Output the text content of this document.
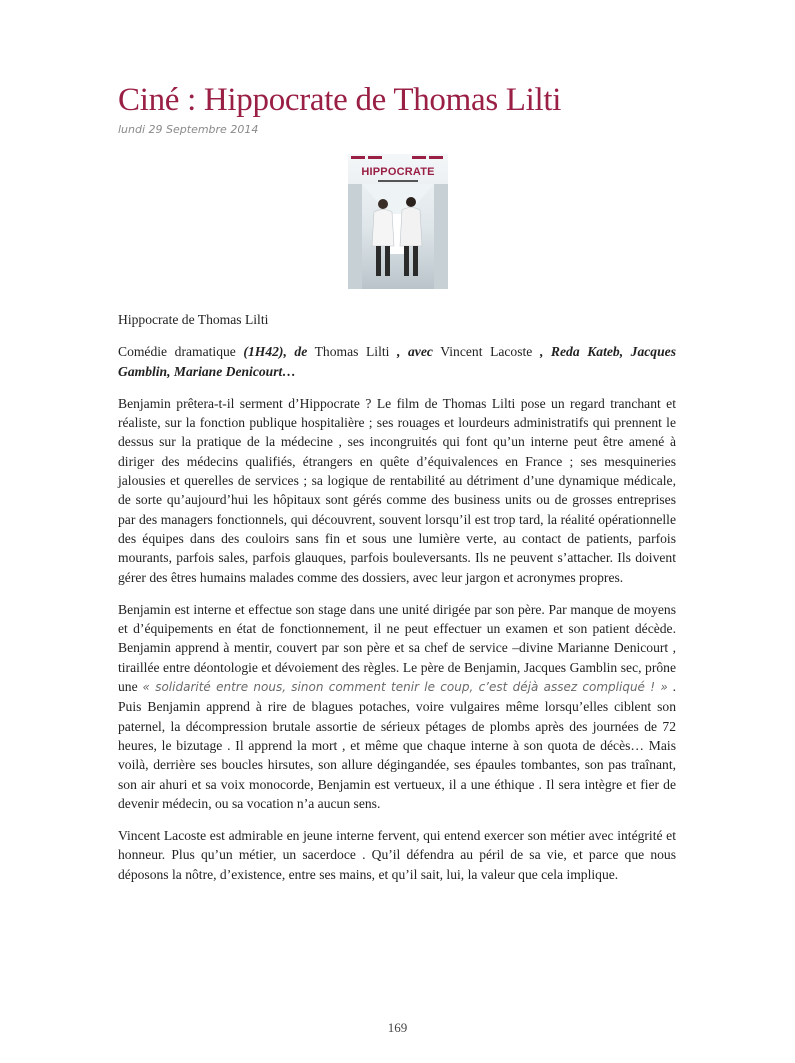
Ciné : Hippocrate de Thomas Lilti
lundi 29 Septembre 2014
HIPPOCRATE

Hippocrate de Thomas Lilti

Comédie dramatique (1H42), de Thomas Lilti , avec Vincent Lacoste , Reda Kateb, Jacques Gamblin, Mariane Denicourt…

Benjamin prêtera-t-il serment d’Hippocrate ? Le film de Thomas Lilti pose un regard tranchant et réaliste, sur la fonction publique hospitalière ; ses rouages et lourdeurs administratifs qui prennent le dessus sur la pratique de la médecine , ses incongruités qui font qu’un interne peut être amené à diriger des médecins qualifiés, étrangers en quête d’équivalences en France ; ses mesquineries jalousies et querelles de services ; sa logique de rentabilité au détriment d’une dynamique médicale, de sorte qu’aujourd’hui les hôpitaux sont gérés comme des business units ou de grosses entreprises par des managers fonctionnels, qui découvrent, souvent lorsqu’il est trop tard, la réalité opérationnelle des équipes dans des couloirs sans fin et sous une lumière verte, au contact de patients, parfois mourants, parfois sales, parfois glauques, parfois bouleversants. Ils ne peuvent s’attacher. Ils doivent gérer des êtres humains malades comme des dossiers, avec leur jargon et acronymes propres.

Benjamin est interne et effectue son stage dans une unité dirigée par son père. Par manque de moyens et d’équipements en état de fonctionnement, il ne peut effectuer un examen et son patient décède. Benjamin apprend à mentir, couvert par son père et sa chef de service –divine Marianne Denicourt , tiraillée entre déontologie et dévoiement des règles. Le père de Benjamin, Jacques Gamblin sec, prône une « solidarité entre nous, sinon comment tenir le coup, c’est déjà assez compliqué ! » . Puis Benjamin apprend à rire de blagues potaches, voire vulgaires même lorsqu’elles ciblent son paternel, la décompression brutale assortie de sérieux pétages de plombs après des journées de 72 heures, le bizutage . Il apprend la mort , et même que chaque interne à son quota de décès… Mais voilà, derrière ses boucles hirsutes, son allure dégingandée, ses épaules tombantes, son pas traînant, son air ahuri et sa voix monocorde, Benjamin est vertueux, il a une éthique . Il sera intègre et fier de devenir médecin, ou sa vocation n’a aucun sens.

Vincent Lacoste est admirable en jeune interne fervent, qui entend exercer son métier avec intégrité et honneur. Plus qu’un métier, un sacerdoce . Qu’il défendra au péril de sa vie, et parce que nous déposons la nôtre, d’existence, entre ses mains, et qu’il sait, lui, la valeur que cela implique.

169
